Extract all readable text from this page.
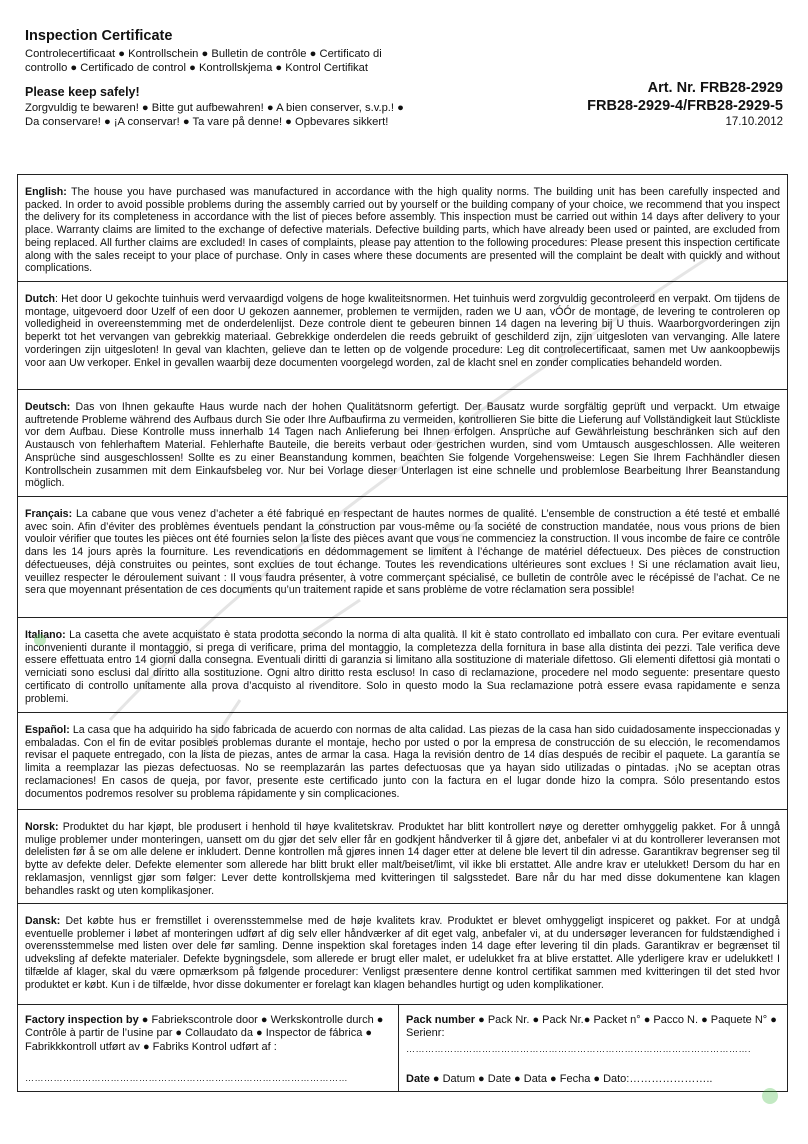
Inspection Certificate

Controlecertificaat ● Kontrollschein ● Bulletin de contrôle ● Certificato di controllo ● Certificado de control ● Kontrollskjema ● Kontrol Certifikat

Please keep safely!

Zorgvuldig te bewaren! ● Bitte gut aufbewahren! ● A bien conserver, s.v.p.! ● Da conservare! ● ¡A conservar! ● Ta vare på denne! ● Opbevares sikkert!

Art. Nr. FRB28-2929
FRB28-2929-4/FRB28-2929-5
17.10.2012
English: The house you have purchased was manufactured in accordance with the high quality norms. The building unit has been carefully inspected and packed. In order to avoid possible problems during the assembly carried out by yourself or the building company of your choice, we recommend that you inspect the delivery for its completeness in accordance with the list of pieces before assembly. This inspection must be carried out within 14 days after delivery to your place. Warranty claims are limited to the exchange of defective materials. Defective building parts, which have already been used or painted, are excluded from being replaced. All further claims are excluded! In cases of complaints, please pay attention to the following procedures: Please present this inspection certificate along with the sales receipt to your place of purchase. Only in cases where these documents are presented will the complaint be dealt with quickly and without complications.
Dutch: Het door U gekochte tuinhuis werd vervaardigd volgens de hoge kwaliteitsnormen. Het tuinhuis werd zorgvuldig gecontroleerd en verpakt. Om tijdens de montage, uitgevoerd door Uzelf of een door U gekozen aannemer, problemen te vermijden, raden we U aan, vÓÓr de montage, de levering te controleren op volledigheid in overeenstemming met de onderdelenlijst. Deze controle dient te gebeuren binnen 14 dagen na levering bij U thuis. Waarborgvorderingen zijn beperkt tot het vervangen van gebrekkig materiaal. Gebrekkige onderdelen die reeds gebruikt of geschilderd zijn, zijn uitgesloten van vervanging. Alle latere vorderingen zijn uitgesloten! In geval van klachten, gelieve dan te letten op de volgende procedure: Leg dit controlecertificaat, samen met Uw aankoopbewijs voor aan Uw verkoper. Enkel in gevallen waarbij deze documenten voorgelegd worden, zal de klacht snel en zonder complicaties behandeld worden.
Deutsch: Das von Ihnen gekaufte Haus wurde nach der hohen Qualitätsnorm gefertigt. Der Bausatz wurde sorgfältig geprüft und verpackt. Um etwaige auftretende Probleme während des Aufbaus durch Sie oder Ihre Aufbaufirma zu vermeiden, kontrollieren Sie bitte die Lieferung auf Vollständigkeit laut Stückliste vor dem Aufbau. Diese Kontrolle muss innerhalb 14 Tagen nach Anlieferung bei Ihnen erfolgen. Ansprüche auf Gewährleistung beschränken sich auf den Austausch von fehlerhaftem Material. Fehlerhafte Bauteile, die bereits verbaut oder gestrichen wurden, sind vom Umtausch ausgeschlossen. Alle weiteren Ansprüche sind ausgeschlossen! Sollte es zu einer Beanstandung kommen, beachten Sie folgende Vorgehensweise: Legen Sie Ihrem Fachhändler diesen Kontrollschein zusammen mit dem Einkaufsbeleg vor. Nur bei Vorlage dieser Unterlagen ist eine schnelle und problemlose Bearbeitung Ihrer Beanstandung möglich.
Français: La cabane que vous venez d’acheter a été fabriqué en respectant de hautes normes de qualité. L’ensemble de construction a été testé et emballé avec soin. Afin d’éviter des problèmes éventuels pendant la construction par vous-même ou la société de construction mandatée, nous vous prions de bien vouloir vérifier que toutes les pièces ont été fournies selon la liste des pièces avant que vous ne commenciez la construction. Il vous incombe de faire ce contrôle dans les 14 jours après la fourniture. Les revendications en dédommagement se limitent à l’échange de matériel défectueux. Des pièces de construction défectueuses, déjà construites ou peintes, sont exclues de tout échange. Toutes les revendications ultérieures sont exclues ! Si une réclamation avait lieu, veuillez respecter le déroulement suivant : Il vous faudra présenter, à votre commerçant spécialisé, ce bulletin de contrôle avec le récépissé de l’achat. Ce ne sera que moyennant présentation de ces documents qu’un traitement rapide et sans problème de votre réclamation sera possible!
Italiano: La casetta che avete acquistato è stata prodotta secondo la norma di alta qualità. Il kit è stato controllato ed imballato con cura. Per evitare eventuali inconvenienti durante il montaggio, si prega di verificare, prima del montaggio, la completezza della fornitura in base alla distinta dei pezzi. Tale verifica deve essere effettuata entro 14 giorni dalla consegna. Eventuali diritti di garanzia si limitano alla sostituzione di materiale difettoso. Gli elementi difettosi già montati o verniciati sono esclusi dal diritto alla sostituzione. Ogni altro diritto resta escluso! In caso di reclamazione, procedere nel modo seguente: presentare questo certificato di controllo unitamente alla prova d’acquisto al rivenditore. Solo in questo modo la Sua reclamazione potrà essere evasa rapidamente e senza problemi.
Español: La casa que ha adquirido ha sido fabricada de acuerdo con normas de alta calidad. Las piezas de la casa han sido cuidadosamente inspeccionadas y embaladas. Con el fin de evitar posibles problemas durante el montaje, hecho por usted o por la empresa de construcción de su elección, le recomendamos revisar el paquete entregado, con la lista de piezas, antes de armar la casa. Haga la revisión dentro de 14 días después de recibir el paquete. La garantía se limita a reemplazar las piezas defectuosas. No se reemplazarán las partes defectuosas que ya hayan sido utilizadas o pintadas. ¡No se aceptan otras reclamaciones! En casos de queja, por favor, presente este certificado junto con la factura en el lugar donde hizo la compra. Sólo presentando estos documentos podremos resolver su problema rápidamente y sin complicaciones.
Norsk: Produktet du har kjøpt, ble produsert i henhold til høye kvalitetskrav. Produktet har blitt kontrollert nøye og deretter omhyggelig pakket. For å unngå mulige problemer under monteringen, uansett om du gjør det selv eller får en godkjent håndverker til å gjøre det, anbefaler vi at du kontrollerer leveransen mot delelisten før å se om alle delene er inkludert. Denne kontrollen må gjøres innen 14 dager etter at delene ble levert til din adresse. Garantikrav begrenser seg til bytte av defekte deler. Defekte elementer som allerede har blitt brukt eller malt/beiset/limt, vil ikke bli erstattet. Alle andre krav er utelukket! Dersom du har en reklamasjon, vennligst gjør som følger: Lever dette kontrollskjema med kvitteringen til salgsstedet. Bare når du har med disse dokumentene kan klagen behandles raskt og uten komplikasjoner.
Dansk: Det købte hus er fremstillet i overensstemmelse med de høje kvalitets krav. Produktet er blevet omhyggeligt inspiceret og pakket. For at undgå eventuelle problemer i løbet af monteringen udført af dig selv eller håndværker af dit eget valg, anbefaler vi, at du undersøger leverancen for fuldstændighed i overensstemmelse med listen over dele før samling. Denne inspektion skal foretages inden 14 dage efter levering til din plads. Garantikrav er begrænset til udveksling af defekte materialer. Defekte bygningsdele, som allerede er brugt eller malet, er udelukket fra at blive erstattet. Alle yderligere krav er udelukket! I tilfælde af klager, skal du være opmærksom på følgende procedurer: Venligst præsentere denne kontrol certifikat sammen med kvitteringen til det sted hvor produktet er købt. Kun i de tilfælde, hvor disse dokumenter er forelagt kan klagen behandles hurtigt og uden komplikationer.
Factory inspection by ● Fabriekscontrole door ● Werkskontrolle durch ● Contrôle à partir de l’usine par ● Collaudato da ● Inspector de fábrica ● Fabrikkkontroll utført av ● Fabriks Kontrol udført af :
…………………………………………………………………………………………
Pack number ● Pack Nr. ● Pack Nr.● Packet n° ● Pacco N. ● Paquete N° ● Serienr:
……………………………………………………………………………………………….
Date ● Datum ● Date ● Data ● Fecha ● Dato:…………………..
